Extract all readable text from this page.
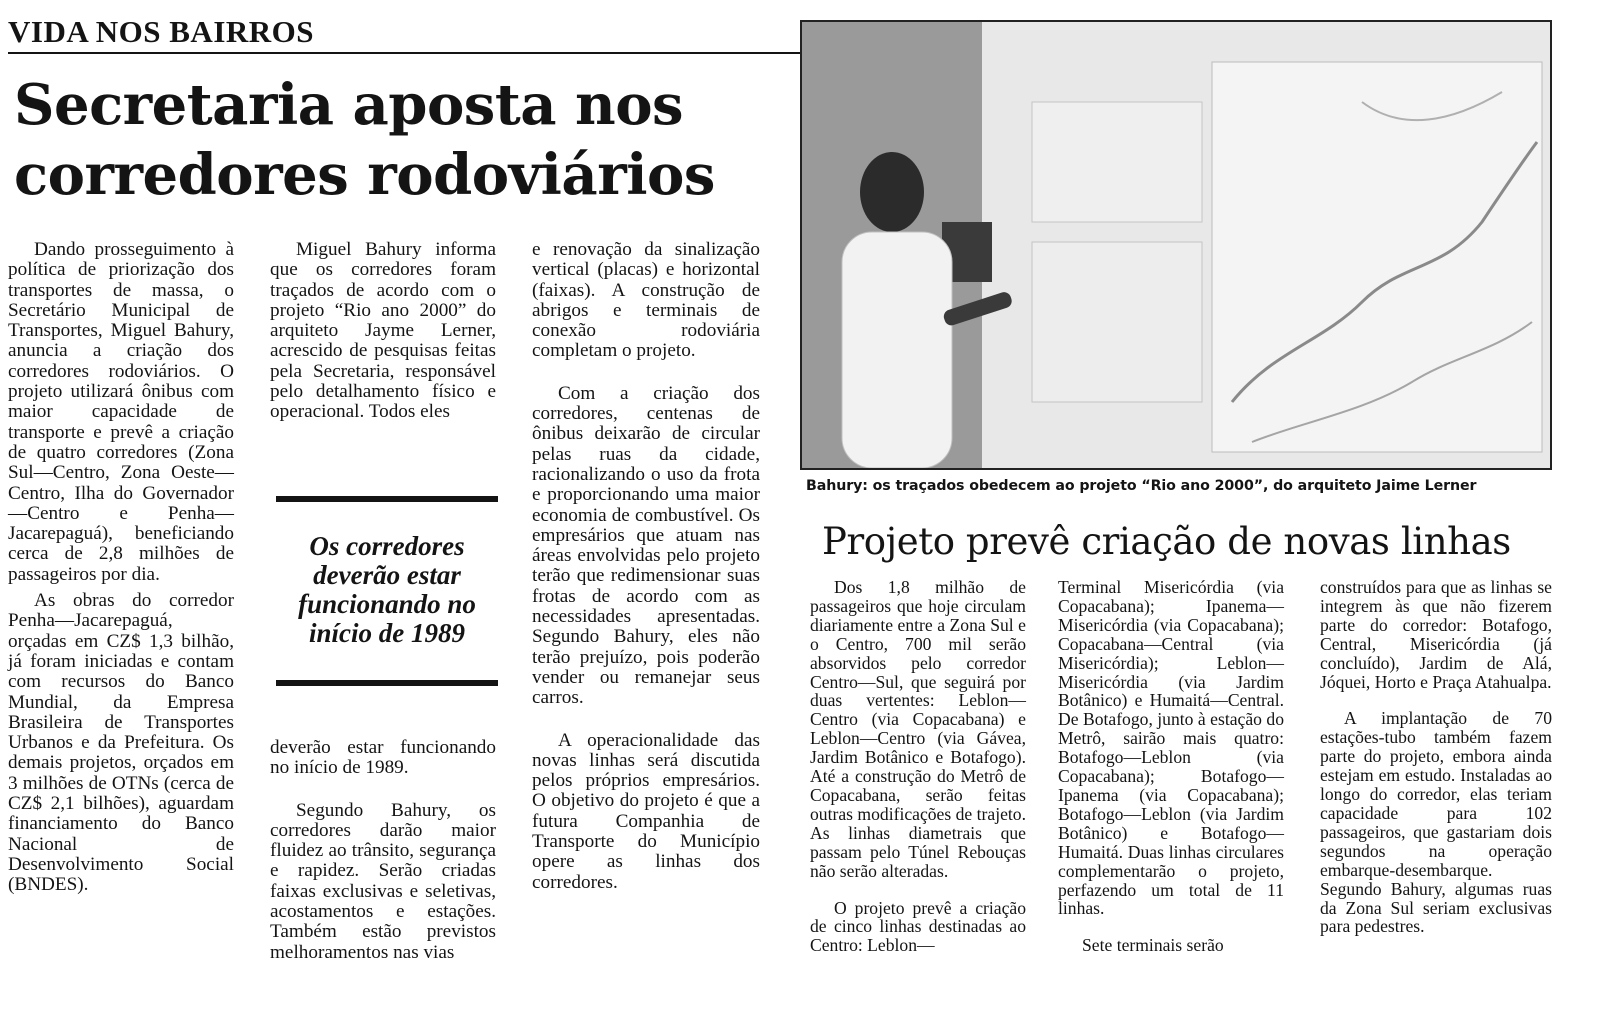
VIDA NOS BAIRROS
Secretaria aposta nos
corredores rodoviários

Dando prosseguimento à política de priorização dos transportes de massa, o Secretário Municipal de Transportes, Miguel Bahury, anuncia a criação dos corredores rodoviários. O projeto utilizará ônibus com maior capacidade de transporte e prevê a criação de quatro corredores (Zona Sul—Centro, Zona Oeste—Centro, Ilha do Governador—Centro e Penha—Jacarepaguá), beneficiando cerca de 2,8 milhões de passageiros por dia.

As obras do corredor Penha—Jacarepaguá, orçadas em CZ$ 1,3 bilhão, já foram iniciadas e contam com recursos do Banco Mundial, da Empresa Brasileira de Transportes Urbanos e da Prefeitura. Os demais projetos, orçados em 3 milhões de OTNs (cerca de CZ$ 2,1 bilhões), aguardam financiamento do Banco Nacional de Desenvolvimento Social (BNDES).

Miguel Bahury informa que os corredores foram traçados de acordo com o projeto “Rio ano 2000” do arquiteto Jayme Lerner, acrescido de pesquisas feitas pela Secretaria, responsável pelo detalhamento físico e operacional. Todos eles

Os corredores deverão estar funcionando no início de 1989

deverão estar funcionando no início de 1989.

Segundo Bahury, os corredores darão maior fluidez ao trânsito, segurança e rapidez. Serão criadas faixas exclusivas e seletivas, acostamentos e estações. Também estão previstos melhoramentos nas vias

e renovação da sinalização vertical (placas) e horizontal (faixas). A construção de abrigos e terminais de conexão rodoviária completam o projeto.

Com a criação dos corredores, centenas de ônibus deixarão de circular pelas ruas da cidade, racionalizando o uso da frota e proporcionando uma maior economia de combustível. Os empresários que atuam nas áreas envolvidas pelo projeto terão que redimensionar suas frotas de acordo com as necessidades apresentadas. Segundo Bahury, eles não terão prejuízo, pois poderão vender ou remanejar seus carros.

A operacionalidade das novas linhas será discutida pelos próprios empresários. O objetivo do projeto é que a futura Companhia de Transporte do Município opere as linhas dos corredores.

Bahury: os traçados obedecem ao projeto “Rio ano 2000”, do arquiteto Jaime Lerner
Projeto prevê criação de novas linhas

Dos 1,8 milhão de passageiros que hoje circulam diariamente entre a Zona Sul e o Centro, 700 mil serão absorvidos pelo corredor Centro—Sul, que seguirá por duas vertentes: Leblon—Centro (via Copacabana) e Leblon—Centro (via Gávea, Jardim Botânico e Botafogo). Até a construção do Metrô de Copacabana, serão feitas outras modificações de trajeto. As linhas diametrais que passam pelo Túnel Rebouças não serão alteradas.

O projeto prevê a criação de cinco linhas destinadas ao Centro: Leblon—

Terminal Misericórdia (via Copacabana); Ipanema—Misericórdia (via Copacabana); Copacabana—Central (via Misericórdia); Leblon—Misericórdia (via Jardim Botânico) e Humaitá—Central. De Botafogo, junto à estação do Metrô, sairão mais quatro: Botafogo—Leblon (via Copacabana); Botafogo—Ipanema (via Copacabana); Botafogo—Leblon (via Jardim Botânico) e Botafogo—Humaitá. Duas linhas circulares complementarão o projeto, perfazendo um total de 11 linhas.

Sete terminais serão

construídos para que as linhas se integrem às que não fizerem parte do corredor: Botafogo, Central, Misericórdia (já concluído), Jardim de Alá, Jóquei, Horto e Praça Atahualpa.

A implantação de 70 estações-tubo também fazem parte do projeto, embora ainda estejam em estudo. Instaladas ao longo do corredor, elas teriam capacidade para 102 passageiros, que gastariam dois segundos na operação embarque-desembarque. Segundo Bahury, algumas ruas da Zona Sul seriam exclusivas para pedestres.
